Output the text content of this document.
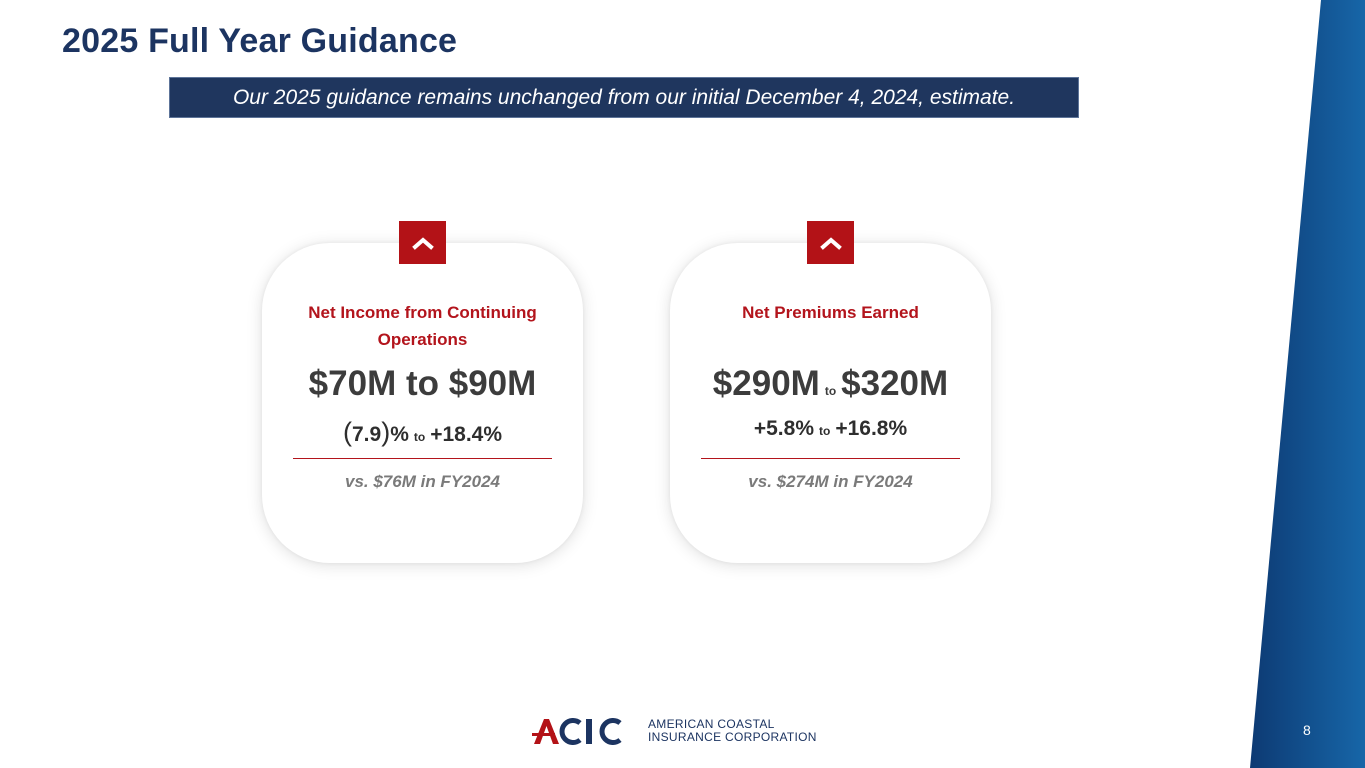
2025 Full Year Guidance
Our 2025 guidance remains unchanged from our initial December 4, 2024, estimate.
Net Income from Continuing Operations
$70M to $90M
(7.9)% to +18.4%
vs. $76M in FY2024
Net Premiums Earned
$290M to $320M
+5.8% to +16.8%
vs. $274M in FY2024
AMERICAN COASTAL
INSURANCE CORPORATION	8
